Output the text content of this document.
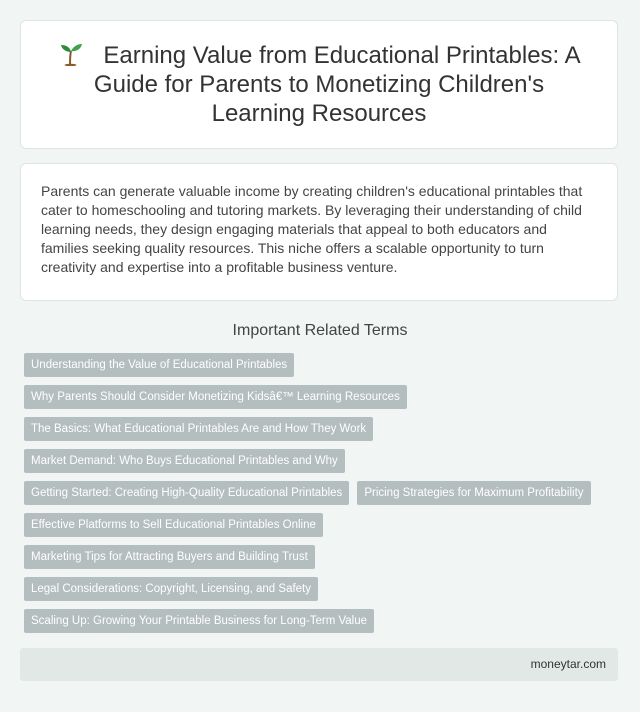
Earning Value from Educational Printables: A Guide for Parents to Monetizing Children's Learning Resources

Parents can generate valuable income by creating children's educational printables that cater to homeschooling and tutoring markets. By leveraging their understanding of child learning needs, they design engaging materials that appeal to both educators and families seeking quality resources. This niche offers a scalable opportunity to turn creativity and expertise into a profitable business venture.

Important Related Terms
Understanding the Value of Educational Printables
Why Parents Should Consider Monetizing Kidsâ€™ Learning Resources
The Basics: What Educational Printables Are and How They Work
Market Demand: Who Buys Educational Printables and Why
Getting Started: Creating High-Quality Educational Printables	Pricing Strategies for Maximum Profitability
Effective Platforms to Sell Educational Printables Online
Marketing Tips for Attracting Buyers and Building Trust
Legal Considerations: Copyright, Licensing, and Safety
Scaling Up: Growing Your Printable Business for Long-Term Value
moneytar.com
